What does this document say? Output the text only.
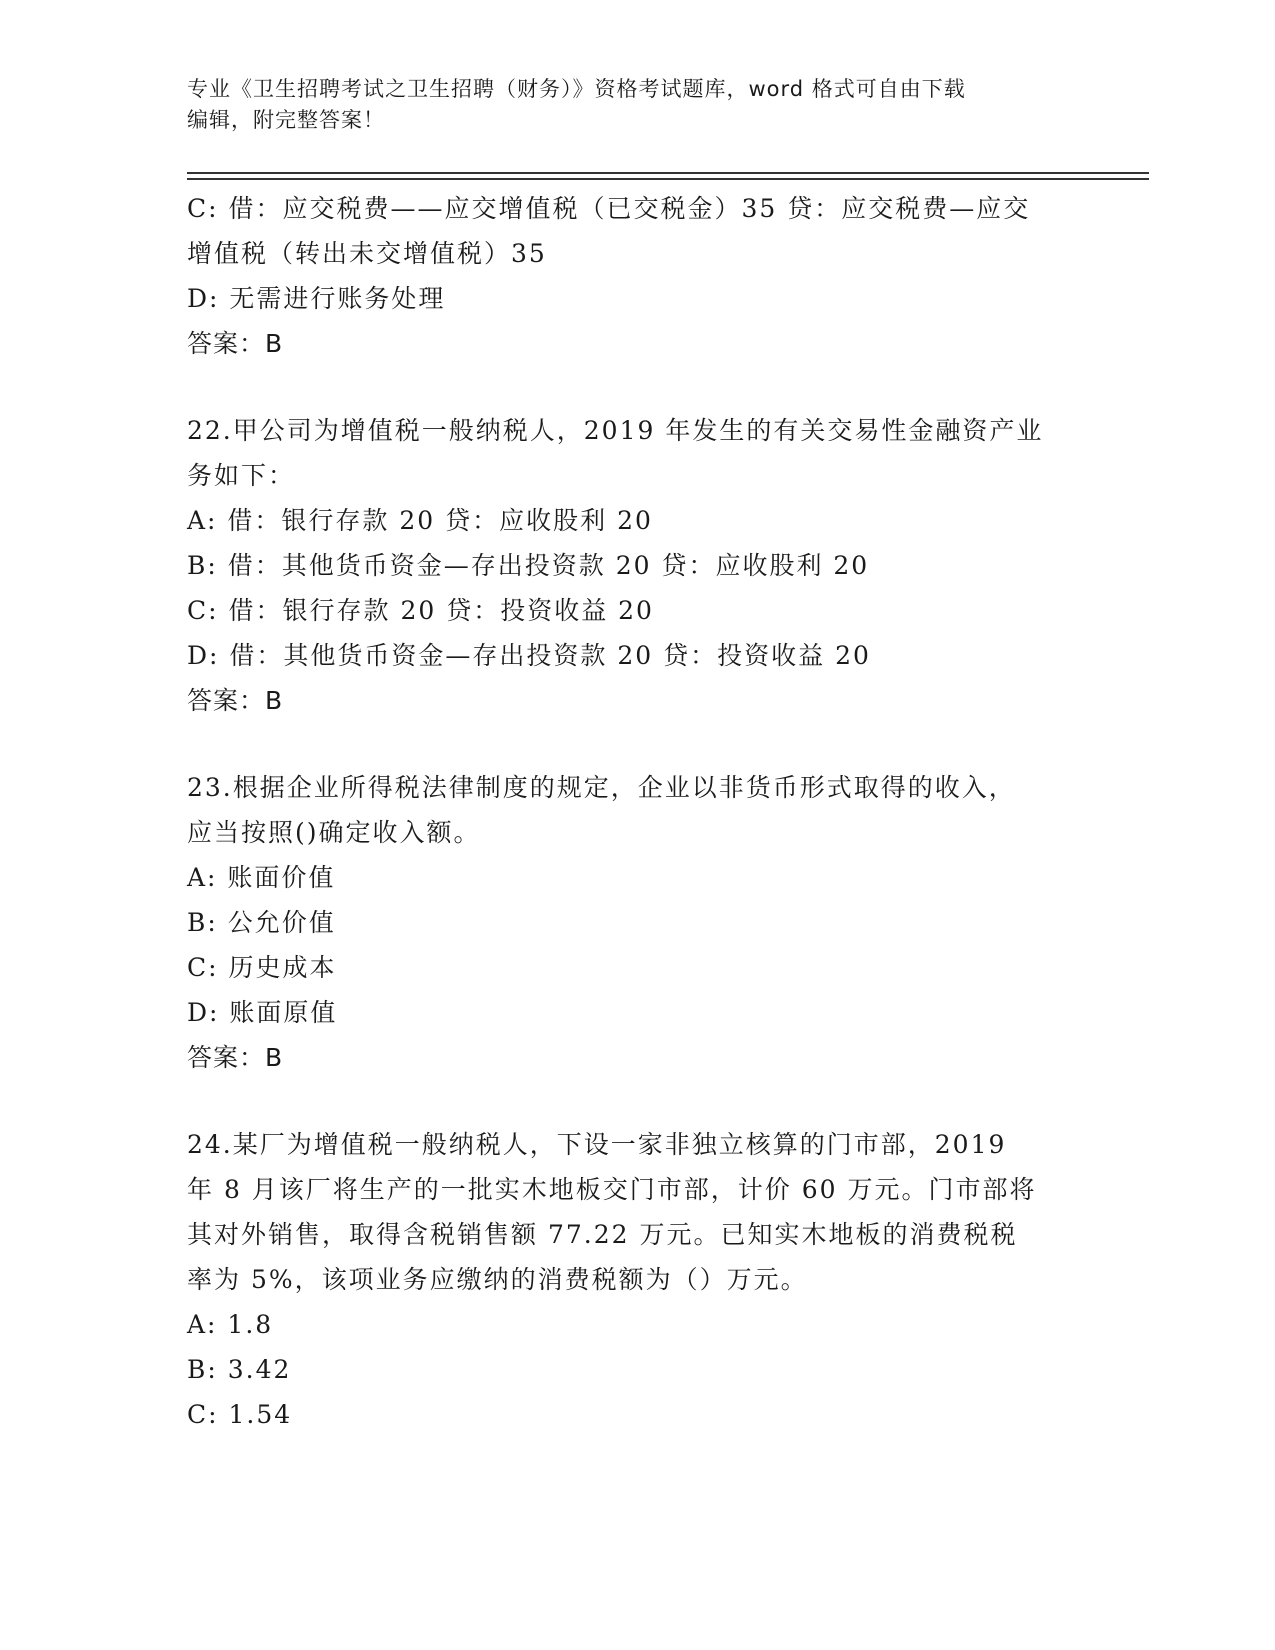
专业《卫生招聘考试之卫生招聘（财务）》资格考试题库，word 格式可自由下载
编辑，附完整答案！
C: 借：应交税费——应交增值税（已交税金）35 贷：应交税费—应交
增值税（转出未交增值税）35
D: 无需进行账务处理
答案：B
22.甲公司为增值税一般纳税人，2019 年发生的有关交易性金融资产业
务如下：
A: 借：银行存款 20 贷：应收股利 20
B: 借：其他货币资金—存出投资款 20 贷：应收股利 20
C: 借：银行存款 20 贷：投资收益 20
D: 借：其他货币资金—存出投资款 20 贷：投资收益 20
答案：B
23.根据企业所得税法律制度的规定，企业以非货币形式取得的收入，
应当按照()确定收入额。
A: 账面价值
B: 公允价值
C: 历史成本
D: 账面原值
答案：B
24.某厂为增值税一般纳税人，下设一家非独立核算的门市部，2019
年 8 月该厂将生产的一批实木地板交门市部，计价 60 万元。门市部将
其对外销售，取得含税销售额 77.22 万元。已知实木地板的消费税税
率为 5%，该项业务应缴纳的消费税额为（）万元。
A: 1.8
B: 3.42
C: 1.54
